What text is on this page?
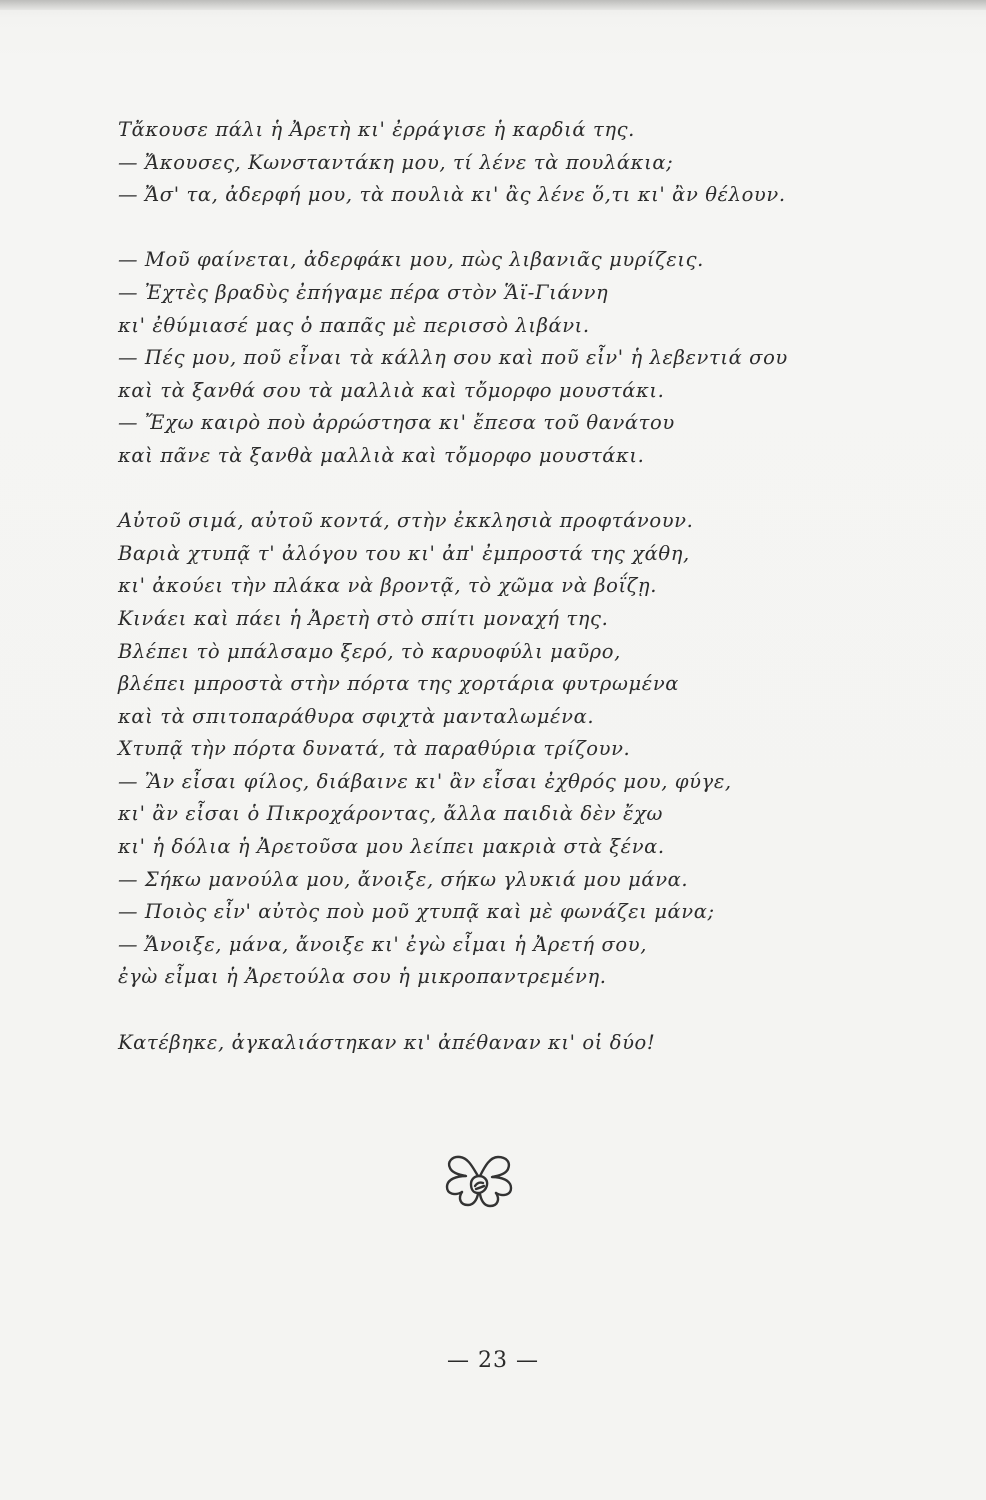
Τἄκουσε πάλι ἡ Ἀρετὴ κι' ἐρράγισε ἡ καρδιά της.
— Ἄκουσες, Κωνσταντάκη μου, τί λένε τὰ πουλάκια;
— Ἄσ' τα, ἀδερφή μου, τὰ πουλιὰ κι' ἂς λένε ὅ,τι κι' ἂν θέλουν.
— Μοῦ φαίνεται, ἀδερφάκι μου, πὼς λιβανιᾶς μυρίζεις.
— Ἐχτὲς βραδὺς ἐπήγαμε πέρα στὸν Ἅϊ-Γιάννη
κι' ἐθύμιασέ μας ὁ παπᾶς μὲ περισσὸ λιβάνι.
— Πές μου, ποῦ εἶναι τὰ κάλλη σου καὶ ποῦ εἶν' ἡ λεβεντιά σου
καὶ τὰ ξανθά σου τὰ μαλλιὰ καὶ τὄμορφο μουστάκι.
— Ἔχω καιρὸ ποὺ ἀρρώστησα κι' ἔπεσα τοῦ θανάτου
καὶ πᾶνε τὰ ξανθὰ μαλλιὰ καὶ τὄμορφο μουστάκι.
Αὐτοῦ σιμά, αὐτοῦ κοντά, στὴν ἐκκλησιὰ προφτάνουν.
Βαριὰ χτυπᾷ τ' ἀλόγου του κι' ἀπ' ἐμπροστά της χάθη,
κι' ἀκούει τὴν πλάκα νὰ βροντᾷ, τὸ χῶμα νὰ βοΐζῃ.
Κινάει καὶ πάει ἡ Ἀρετὴ στὸ σπίτι μοναχή της.
Βλέπει τὸ μπάλσαμο ξερό, τὸ καρυοφύλι μαῦρο,
βλέπει μπροστὰ στὴν πόρτα της χορτάρια φυτρωμένα
καὶ τὰ σπιτοπαράθυρα σφιχτὰ μανταλωμένα.
Χτυπᾷ τὴν πόρτα δυνατά, τὰ παραθύρια τρίζουν.
— Ἂν εἶσαι φίλος, διάβαινε κι' ἂν εἶσαι ἐχθρός μου, φύγε,
κι' ἂν εἶσαι ὁ Πικροχάροντας, ἄλλα παιδιὰ δὲν ἔχω
κι' ἡ δόλια ἡ Ἀρετοῦσα μου λείπει μακριὰ στὰ ξένα.
— Σήκω μανούλα μου, ἄνοιξε, σήκω γλυκιά μου μάνα.
— Ποιὸς εἶν' αὐτὸς ποὺ μοῦ χτυπᾷ καὶ μὲ φωνάζει μάνα;
— Ἄνοιξε, μάνα, ἄνοιξε κι' ἐγὼ εἶμαι ἡ Ἀρετή σου,
ἐγὼ εἶμαι ἡ Ἀρετούλα σου ἡ μικροπαντρεμένη.
Κατέβηκε, ἀγκαλιάστηκαν κι' ἀπέθαναν κι' οἱ δύο!
— 23 —
